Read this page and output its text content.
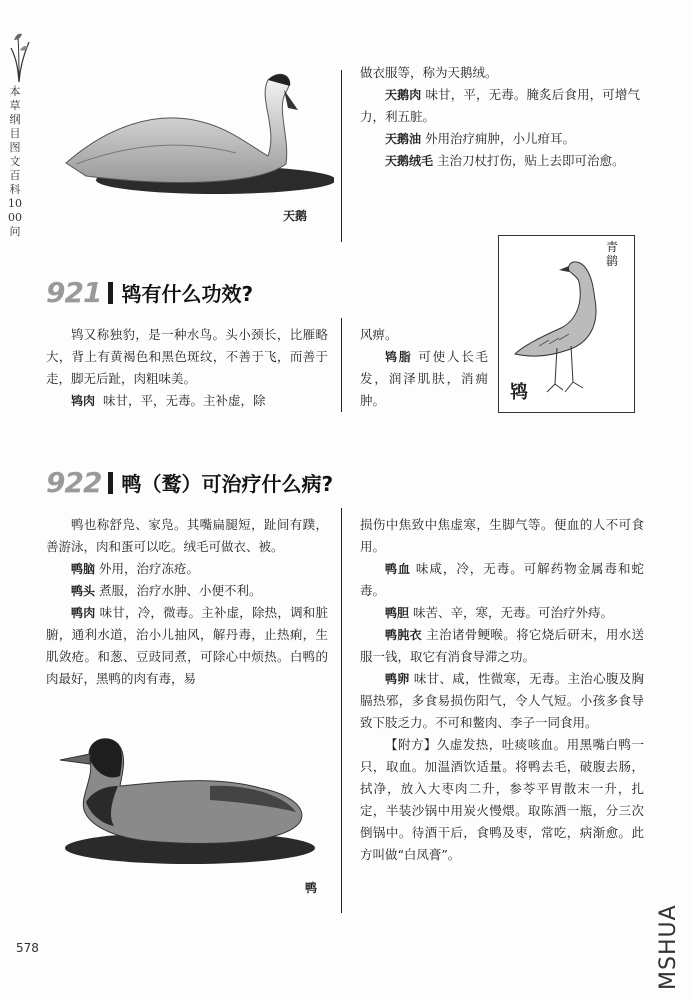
本草纲目图文百科1000问
天鹅

做衣服等，称为天鹅绒。

天鹅肉 味甘，平，无毒。腌炙后食用，可增气力，利五脏。

天鹅油 外用治疗痈肿，小儿疳耳。

天鹅绒毛 主治刀杖打伤，贴上去即可治愈。

921 鸨有什么功效?

鸨又称独豹，是一种水鸟。头小颈长，比雁略大，背上有黄褐色和黑色斑纹，不善于飞，而善于走，脚无后趾，肉粗味美。

鸨肉 味甘，平，无毒。主补虚，除

风痹。

鸨脂 可使人长毛发，润泽肌肤，消痈肿。

青鹟
鸨
922 鸭（鹜）可治疗什么病?

鸭也称舒凫、家凫。其嘴扁腿短，趾间有蹼，善游泳，肉和蛋可以吃。绒毛可做衣、被。

鸭脑 外用，治疗冻疮。

鸭头 煮服，治疗水肿、小便不利。

鸭肉 味甘，冷，微毒。主补虚，除热，调和脏腑，通利水道，治小儿抽风，解丹毒，止热痢，生肌敛疮。和葱、豆豉同煮，可除心中烦热。白鸭的肉最好，黑鸭的肉有毒，易

鸭

损伤中焦致中焦虚寒，生脚气等。便血的人不可食用。

鸭血 味咸，冷，无毒。可解药物金属毒和蛇毒。

鸭胆 味苦、辛，寒，无毒。可治疗外痔。

鸭肫衣 主治诸骨鲠喉。将它烧后研末，用水送服一钱，取它有消食导滞之功。

鸭卵 味甘、咸，性微寒，无毒。主治心腹及胸膈热邪，多食易损伤阳气，令人气短。小孩多食导致下肢乏力。不可和鳖肉、李子一同食用。

【附方】久虚发热，吐痰咳血。用黑嘴白鸭一只，取血。加温酒饮适量。将鸭去毛，破腹去肠，拭净，放入大枣肉二升，参苓平胃散末一升，扎定，半装沙锅中用炭火慢煨。取陈酒一瓶，分三次倒锅中。待酒干后，食鸭及枣，常吃，病渐愈。此方叫做“白凤膏”。

578	MSHUA
